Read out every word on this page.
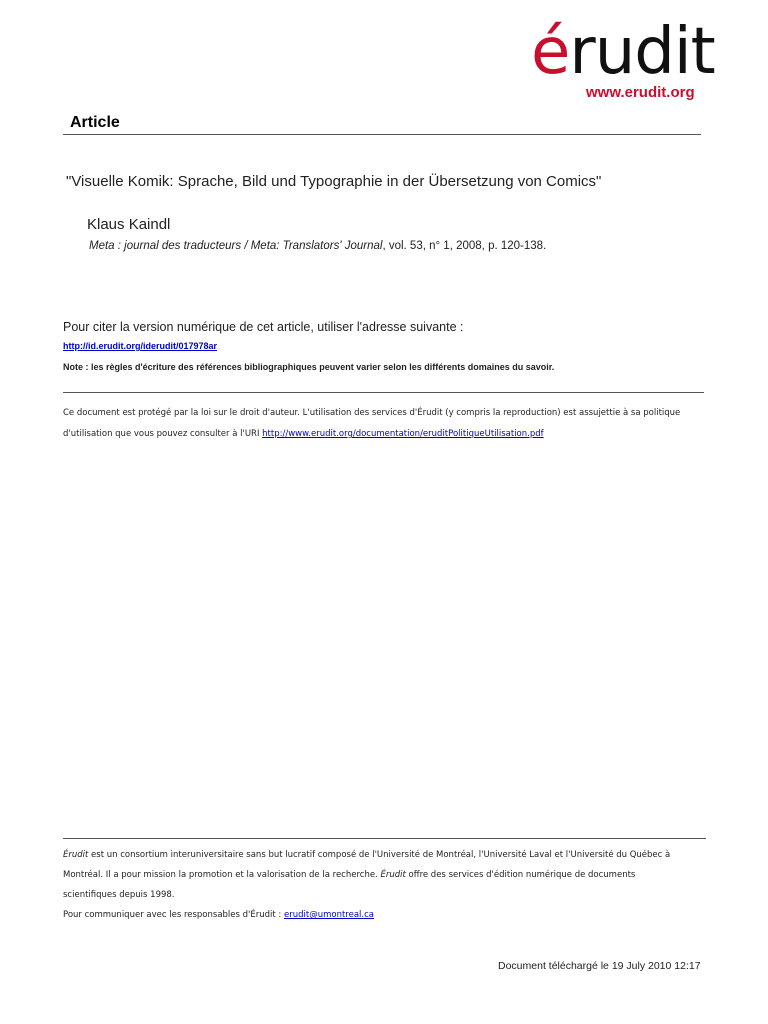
érudit
www.erudit.org
Article
"Visuelle Komik: Sprache, Bild und Typographie in der Übersetzung von Comics"
Klaus Kaindl
Meta : journal des traducteurs / Meta: Translators' Journal, vol. 53, n° 1, 2008, p. 120-138.
Pour citer la version numérique de cet article, utiliser l'adresse suivante :
http://id.erudit.org/iderudit/017978ar
Note : les règles d'écriture des références bibliographiques peuvent varier selon les différents domaines du savoir.
Ce document est protégé par la loi sur le droit d'auteur. L'utilisation des services d'Érudit (y compris la reproduction) est assujettie à sa politique
d'utilisation que vous pouvez consulter à l'URI http://www.erudit.org/documentation/eruditPolitiqueUtilisation.pdf
Érudit est un consortium interuniversitaire sans but lucratif composé de l'Université de Montréal, l'Université Laval et l'Université du Québec à
Montréal. Il a pour mission la promotion et la valorisation de la recherche. Érudit offre des services d'édition numérique de documents
scientifiques depuis 1998.
Pour communiquer avec les responsables d'Érudit : erudit@umontreal.ca
Document téléchargé le 19 July 2010 12:17
